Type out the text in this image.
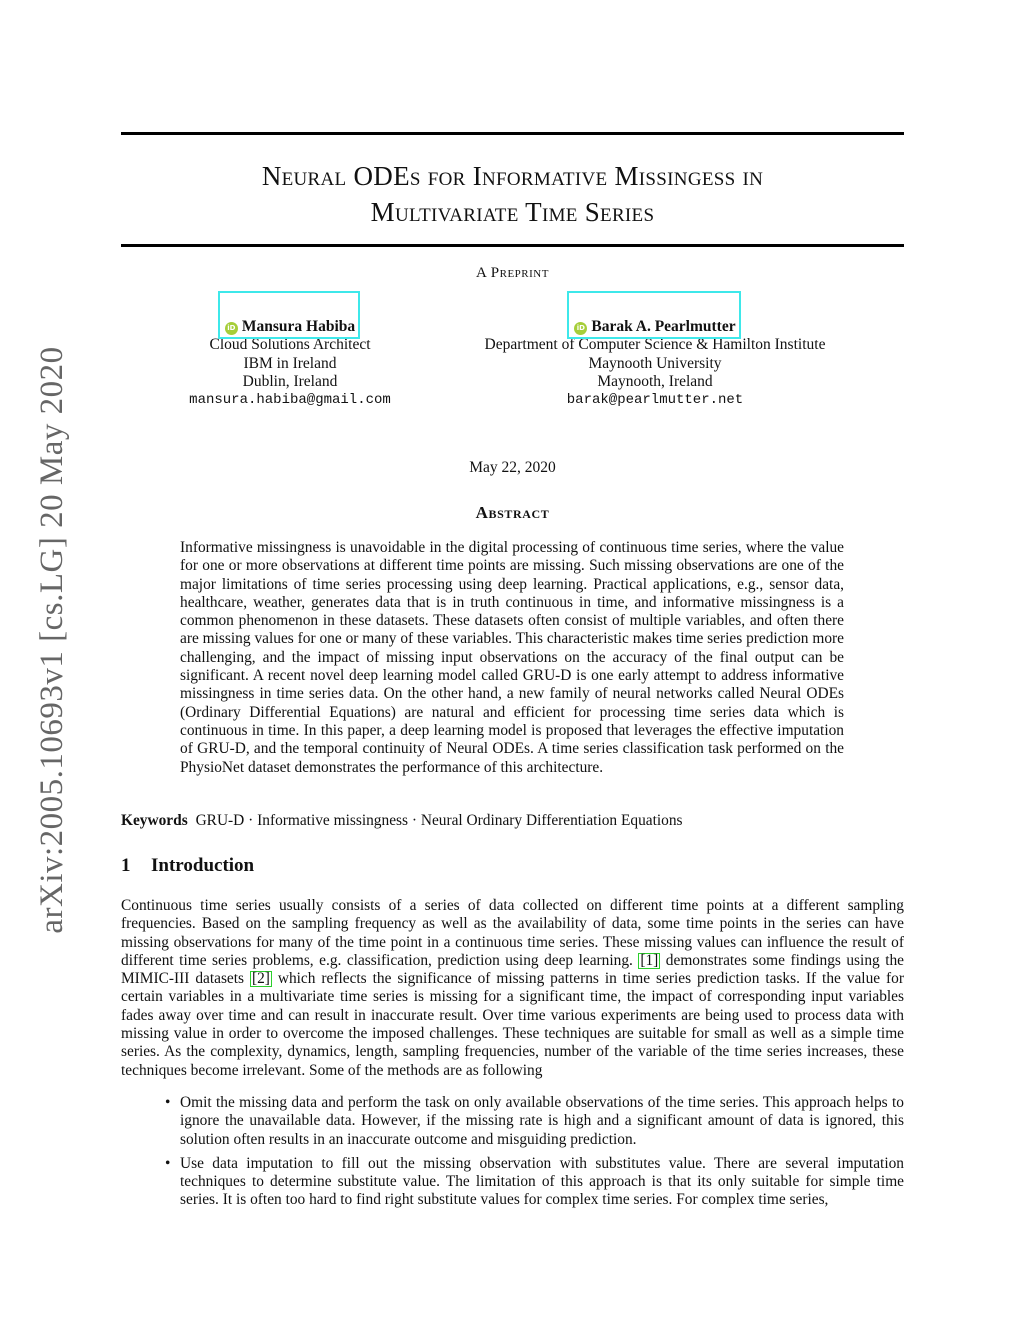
arXiv:2005.10693v1 [cs.LG] 20 May 2020
Neural ODEs for Informative Missingess in
Multivariate Time Series
A Preprint
iD Mansura Habiba
Cloud Solutions Architect
IBM in Ireland
Dublin, Ireland
mansura.habiba@gmail.com
iD Barak A. Pearlmutter
Department of Computer Science & Hamilton Institute
Maynooth University
Maynooth, Ireland
barak@pearlmutter.net
May 22, 2020
Abstract

Informative missingness is unavoidable in the digital processing of continuous time series, where the value for one or more observations at different time points are missing. Such missing observations are one of the major limitations of time series processing using deep learning. Practical applications, e.g., sensor data, healthcare, weather, generates data that is in truth continuous in time, and informative missingness is a common phenomenon in these datasets. These datasets often consist of multiple variables, and often there are missing values for one or many of these variables. This characteristic makes time series prediction more challenging, and the impact of missing input observations on the accuracy of the final output can be significant. A recent novel deep learning model called GRU-D is one early attempt to address informative missingness in time series data. On the other hand, a new family of neural networks called Neural ODEs (Ordinary Differential Equations) are natural and efficient for processing time series data which is continuous in time. In this paper, a deep learning model is proposed that leverages the effective imputation of GRU-D, and the temporal continuity of Neural ODEs. A time series classification task performed on the PhysioNet dataset demonstrates the performance of this architecture.

Keywords GRU-D · Informative missingness · Neural Ordinary Differentiation Equations
1 Introduction

Continuous time series usually consists of a series of data collected on different time points at a different sampling frequencies. Based on the sampling frequency as well as the availability of data, some time points in the series can have missing observations for many of the time point in a continuous time series. These missing values can influence the result of different time series problems, e.g. classification, prediction using deep learning. [1] demonstrates some findings using the MIMIC-III datasets [2] which reflects the significance of missing patterns in time series prediction tasks. If the value for certain variables in a multivariate time series is missing for a significant time, the impact of corresponding input variables fades away over time and can result in inaccurate result. Over time various experiments are being used to process data with missing value in order to overcome the imposed challenges. These techniques are suitable for small as well as a simple time series. As the complexity, dynamics, length, sampling frequencies, number of the variable of the time series increases, these techniques become irrelevant. Some of the methods are as following

• Omit the missing data and perform the task on only available observations of the time series. This approach helps to ignore the unavailable data. However, if the missing rate is high and a significant amount of data is ignored, this solution often results in an inaccurate outcome and misguiding prediction.
• Use data imputation to fill out the missing observation with substitutes value. There are several imputation techniques to determine substitute value. The limitation of this approach is that its only suitable for simple time series. It is often too hard to find right substitute values for complex time series. For complex time series,
